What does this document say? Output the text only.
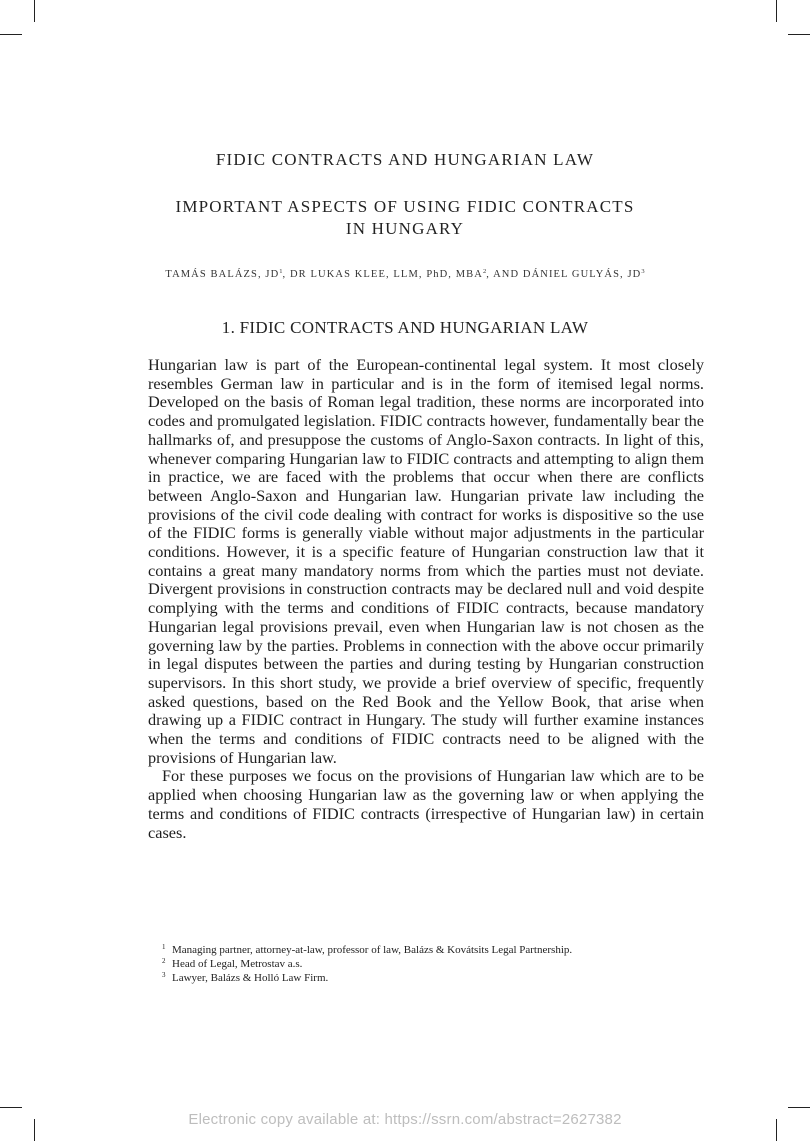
FIDIC CONTRACTS AND HUNGARIAN LAW
IMPORTANT ASPECTS OF USING FIDIC CONTRACTS
IN HUNGARY
TAMÁS BALÁZS, $JD^1$, DR LUKAS KLEE, LLM, PhD, MBA$^2$, AND DÁNIEL GULYÁS, $JD^3$
1. FIDIC CONTRACTS AND HUNGARIAN LAW

Hungarian law is part of the European-continental legal system. It most closely resembles German law in particular and is in the form of itemised legal norms. Developed on the basis of Roman legal tradition, these norms are incorporated into codes and promulgated legislation. FIDIC contracts however, fundamentally bear the hallmarks of, and presuppose the customs of Anglo-Saxon contracts. In light of this, whenever comparing Hungarian law to FIDIC contracts and attempting to align them in practice, we are faced with the problems that occur when there are conflicts between Anglo-Saxon and Hungarian law. Hungarian private law including the provisions of the civil code dealing with contract for works is dispositive so the use of the FIDIC forms is generally viable without major adjustments in the particular conditions. However, it is a specific feature of Hungarian construction law that it contains a great many mandatory norms from which the parties must not deviate. Divergent provisions in construction contracts may be declared null and void despite complying with the terms and conditions of FIDIC contracts, because mandatory Hungarian legal provisions prevail, even when Hungarian law is not chosen as the governing law by the parties. Problems in connection with the above occur primarily in legal disputes between the parties and during testing by Hungarian construction supervisors. In this short study, we provide a brief overview of specific, frequently asked questions, based on the Red Book and the Yellow Book, that arise when drawing up a FIDIC contract in Hungary. The study will further examine instances when the terms and conditions of FIDIC contracts need to be aligned with the provisions of Hungarian law.

For these purposes we focus on the provisions of Hungarian law which are to be applied when choosing Hungarian law as the governing law or when applying the terms and conditions of FIDIC contracts (irrespective of Hungarian law) in certain cases.

1 Managing partner, attorney-at-law, professor of law, Balázs & Kovátsits Legal Partnership.
2 Head of Legal, Metrostav a.s.
3 Lawyer, Balázs & Holló Law Firm.
Electronic copy available at: https://ssrn.com/abstract=2627382
